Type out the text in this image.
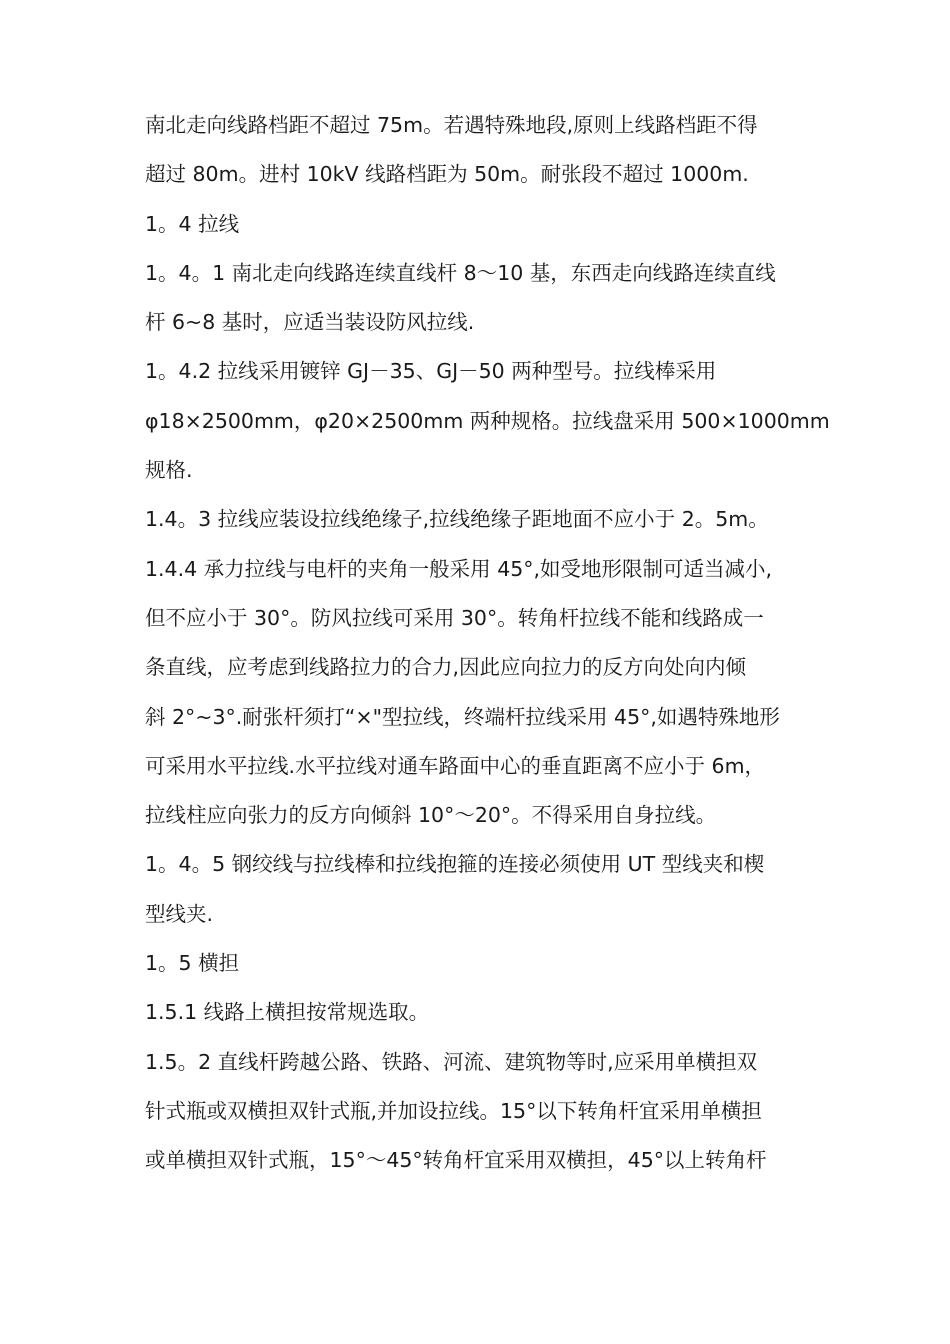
南北走向线路档距不超过 75m。若遇特殊地段,原则上线路档距不得
超过 80m。进村 10kV 线路档距为 50m。耐张段不超过 1000m.
1。4 拉线
1。4。1 南北走向线路连续直线杆 8～10 基，东西走向线路连续直线
杆 6~8 基时，应适当装设防风拉线.
1。4.2 拉线采用镀锌 GJ－35、GJ－50 两种型号。拉线棒采用
φ18×2500mm，φ20×2500mm 两种规格。拉线盘采用 500×1000mm
规格.
1.4。3 拉线应装设拉线绝缘子,拉线绝缘子距地面不应小于 2。5m。
1.4.4 承力拉线与电杆的夹角一般采用 45°,如受地形限制可适当减小,
但不应小于 30°。防风拉线可采用 30°。转角杆拉线不能和线路成一
条直线，应考虑到线路拉力的合力,因此应向拉力的反方向处向内倾
斜 2°~3°.耐张杆须打“×"型拉线，终端杆拉线采用 45°,如遇特殊地形
可采用水平拉线.水平拉线对通车路面中心的垂直距离不应小于 6m，
拉线柱应向张力的反方向倾斜 10°～20°。不得采用自身拉线。
1。4。5 钢绞线与拉线棒和拉线抱箍的连接必须使用 UT 型线夹和楔
型线夹.
1。5 横担
1.5.1 线路上横担按常规选取。
1.5。2 直线杆跨越公路、铁路、河流、建筑物等时,应采用单横担双
针式瓶或双横担双针式瓶,并加设拉线。15°以下转角杆宜采用单横担
或单横担双针式瓶，15°～45°转角杆宜采用双横担，45°以上转角杆
